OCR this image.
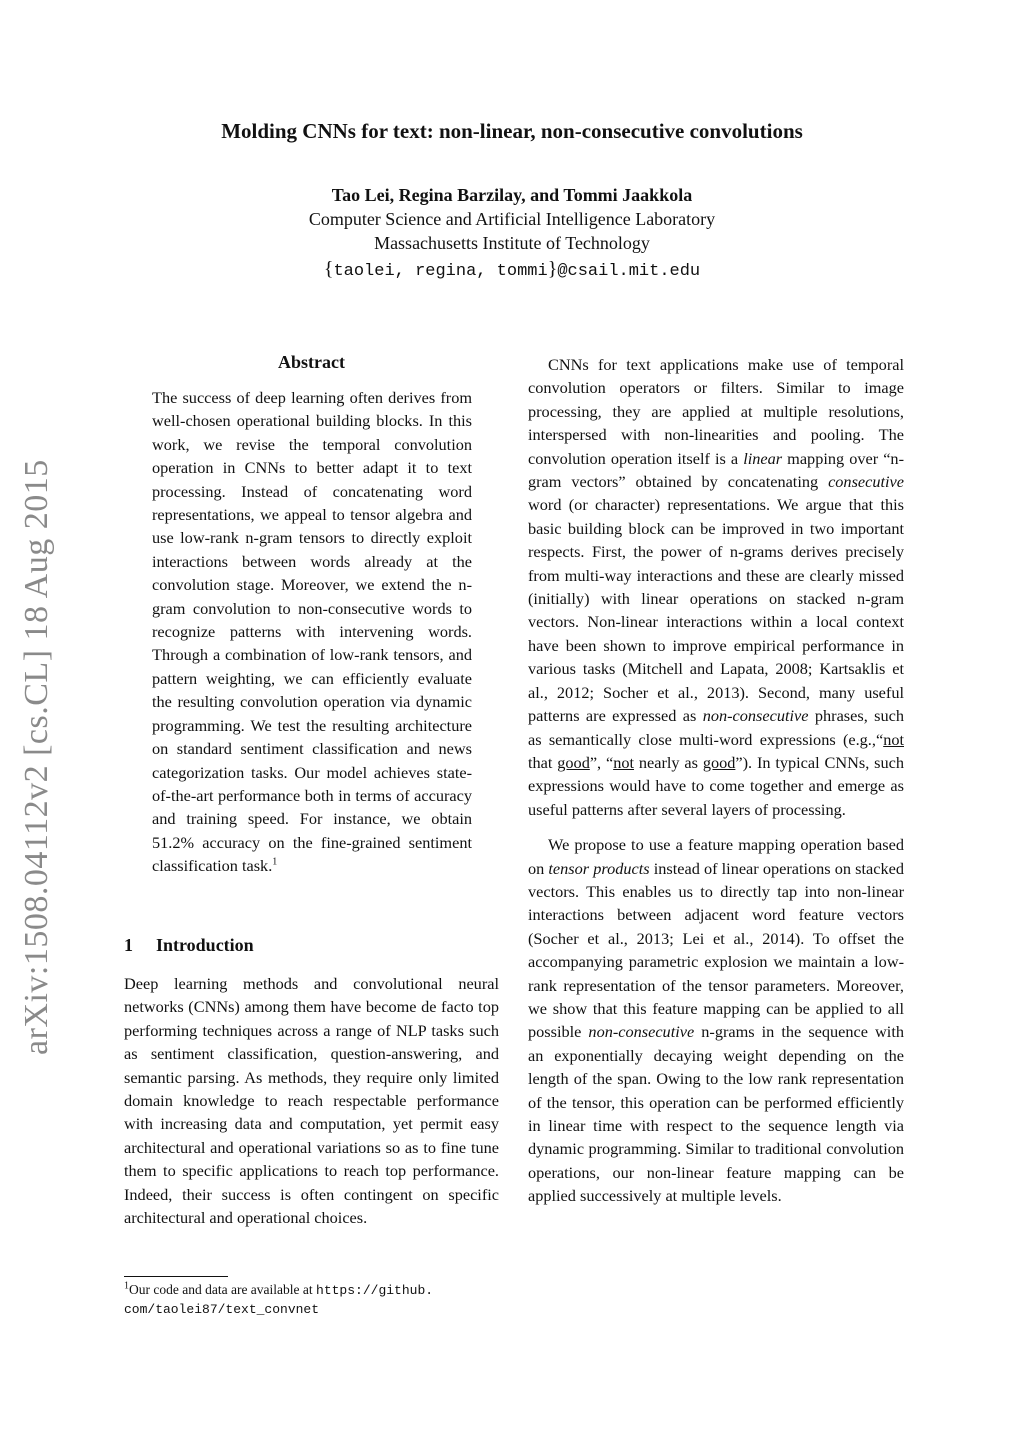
Molding CNNs for text: non-linear, non-consecutive convolutions
Tao Lei, Regina Barzilay, and Tommi Jaakkola
Computer Science and Artificial Intelligence Laboratory
Massachusetts Institute of Technology
{taolei, regina, tommi}@csail.mit.edu
arXiv:1508.04112v2 [cs.CL] 18 Aug 2015
Abstract
The success of deep learning often derives from well-chosen operational building blocks. In this work, we revise the temporal convolution operation in CNNs to better adapt it to text processing. Instead of concatenating word representations, we appeal to tensor algebra and use low-rank n-gram tensors to directly exploit interactions between words already at the convolution stage. Moreover, we extend the n-gram convolution to non-consecutive words to recognize patterns with intervening words. Through a combination of low-rank tensors, and pattern weighting, we can efficiently evaluate the resulting convolution operation via dynamic programming. We test the resulting architecture on standard sentiment classification and news categorization tasks. Our model achieves state-of-the-art performance both in terms of accuracy and training speed. For instance, we obtain 51.2% accuracy on the fine-grained sentiment classification task.$^1$
1 Introduction

Deep learning methods and convolutional neural networks (CNNs) among them have become de facto top performing techniques across a range of NLP tasks such as sentiment classification, question-answering, and semantic parsing. As methods, they require only limited domain knowledge to reach respectable performance with increasing data and computation, yet permit easy architectural and operational variations so as to fine tune them to specific applications to reach top performance. Indeed, their success is often contingent on specific architectural and operational choices.

$^1$Our code and data are available at https://github.
com/taolei87/text_convnet

CNNs for text applications make use of temporal convolution operators or filters. Similar to image processing, they are applied at multiple resolutions, interspersed with non-linearities and pooling. The convolution operation itself is a linear mapping over “n-gram vectors” obtained by concatenating consecutive word (or character) representations. We argue that this basic building block can be improved in two important respects. First, the power of n-grams derives precisely from multi-way interactions and these are clearly missed (initially) with linear operations on stacked n-gram vectors. Non-linear interactions within a local context have been shown to improve empirical performance in various tasks (Mitchell and Lapata, 2008; Kartsaklis et al., 2012; Socher et al., 2013). Second, many useful patterns are expressed as non-consecutive phrases, such as semantically close multi-word expressions (e.g.,“not that good”, “not nearly as good”). In typical CNNs, such expressions would have to come together and emerge as useful patterns after several layers of processing.

We propose to use a feature mapping operation based on tensor products instead of linear operations on stacked vectors. This enables us to directly tap into non-linear interactions between adjacent word feature vectors (Socher et al., 2013; Lei et al., 2014). To offset the accompanying parametric explosion we maintain a low-rank representation of the tensor parameters. Moreover, we show that this feature mapping can be applied to all possible non-consecutive n-grams in the sequence with an exponentially decaying weight depending on the length of the span. Owing to the low rank representation of the tensor, this operation can be performed efficiently in linear time with respect to the sequence length via dynamic programming. Similar to traditional convolution operations, our non-linear feature mapping can be applied successively at multiple levels.
